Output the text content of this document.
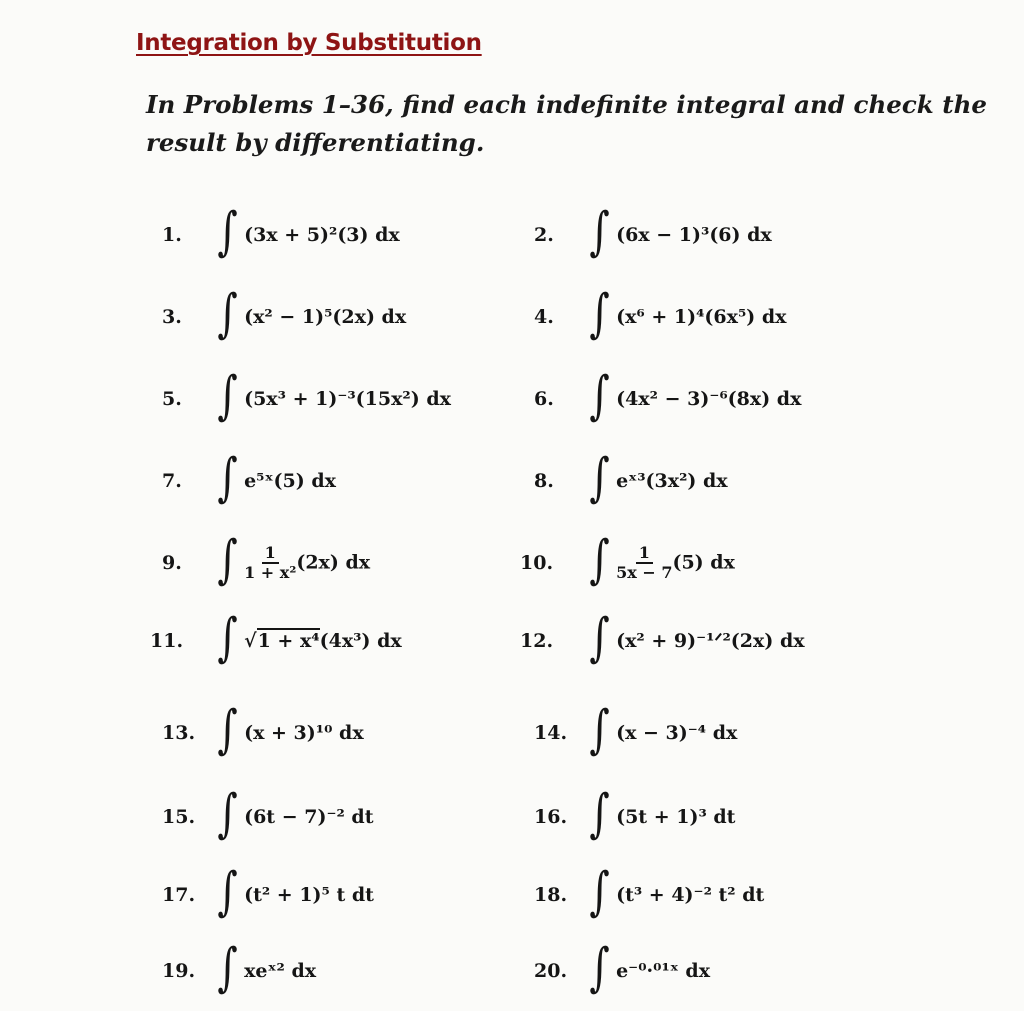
Integration by Substitution
In Problems 1–36, find each indefinite integral and check the result by differentiating.
1. ∫ (3x + 5)²(3) dx	2. ∫ (6x − 1)³(6) dx
3. ∫ (x² − 1)⁵(2x) dx	4. ∫ (x⁶ + 1)⁴(6x⁵) dx
5. ∫ (5x³ + 1)⁻³(15x²) dx	6. ∫ (4x² − 3)⁻⁶(8x) dx
7. ∫ e⁵ˣ(5) dx	8. ∫ eˣ³(3x²) dx
9. ∫ $\frac{1}{\text{1 + x²}} (2x)$ dx	10. ∫ $\frac{1}{5x - 7} (5)$ dx
11. ∫ √1 + x⁴(4x³) dx	12. ∫ (x² + 9)⁻¹ᐟ²(2x) dx
13. ∫ (x + 3)¹⁰ dx	14. ∫ (x − 3)⁻⁴ dx
15. ∫ (6t − 7)⁻² dt	16. ∫ (5t + 1)³ dt
17. ∫ (t² + 1)⁵ t dt	18. ∫ (t³ + 4)⁻² t² dt
19. ∫ xeˣ² dx	20. ∫ e⁻⁰·⁰¹ˣ dx
